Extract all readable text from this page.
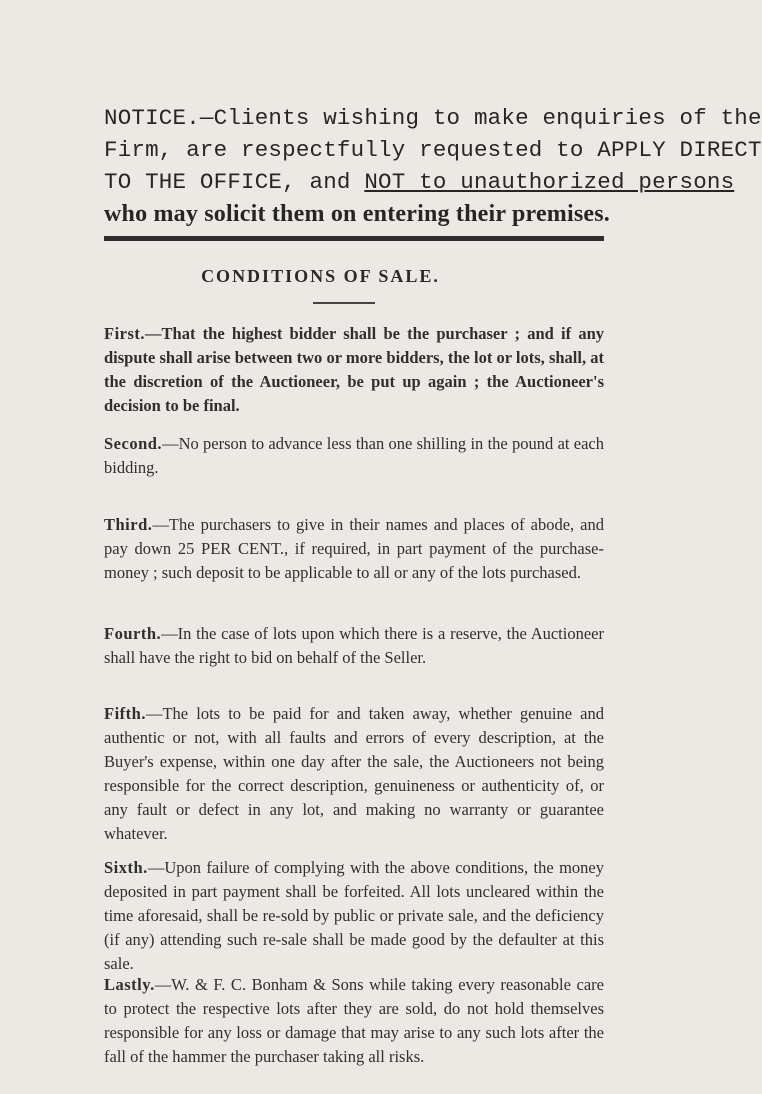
NOTICE.—Clients wishing to make enquiries of the
Firm, are respectfully requested to APPLY DIRECT
TO THE OFFICE, and NOT to unauthorized persons
who may solicit them on entering their premises.
CONDITIONS OF SALE.
First.—That the highest bidder shall be the purchaser ; and if any dispute shall arise between two or more bidders, the lot or lots, shall, at the discretion of the Auctioneer, be put up again ; the Auctioneer's decision to be final.
Second.—No person to advance less than one shilling in the pound at each bidding.
Third.—The purchasers to give in their names and places of abode, and pay down 25 PER CENT., if required, in part payment of the purchase-money ; such deposit to be applicable to all or any of the lots purchased.
Fourth.—In the case of lots upon which there is a reserve, the Auctioneer shall have the right to bid on behalf of the Seller.
Fifth.—The lots to be paid for and taken away, whether genuine and authentic or not, with all faults and errors of every description, at the Buyer's expense, within one day after the sale, the Auctioneers not being responsible for the correct description, genuineness or authenticity of, or any fault or defect in any lot, and making no warranty or guarantee whatever.
Sixth.—Upon failure of complying with the above conditions, the money deposited in part payment shall be forfeited. All lots uncleared within the time aforesaid, shall be re-sold by public or private sale, and the deficiency (if any) attending such re-sale shall be made good by the defaulter at this sale.
Lastly.—W. & F. C. Bonham & Sons while taking every reasonable care to protect the respective lots after they are sold, do not hold themselves responsible for any loss or damage that may arise to any such lots after the fall of the hammer the purchaser taking all risks.
